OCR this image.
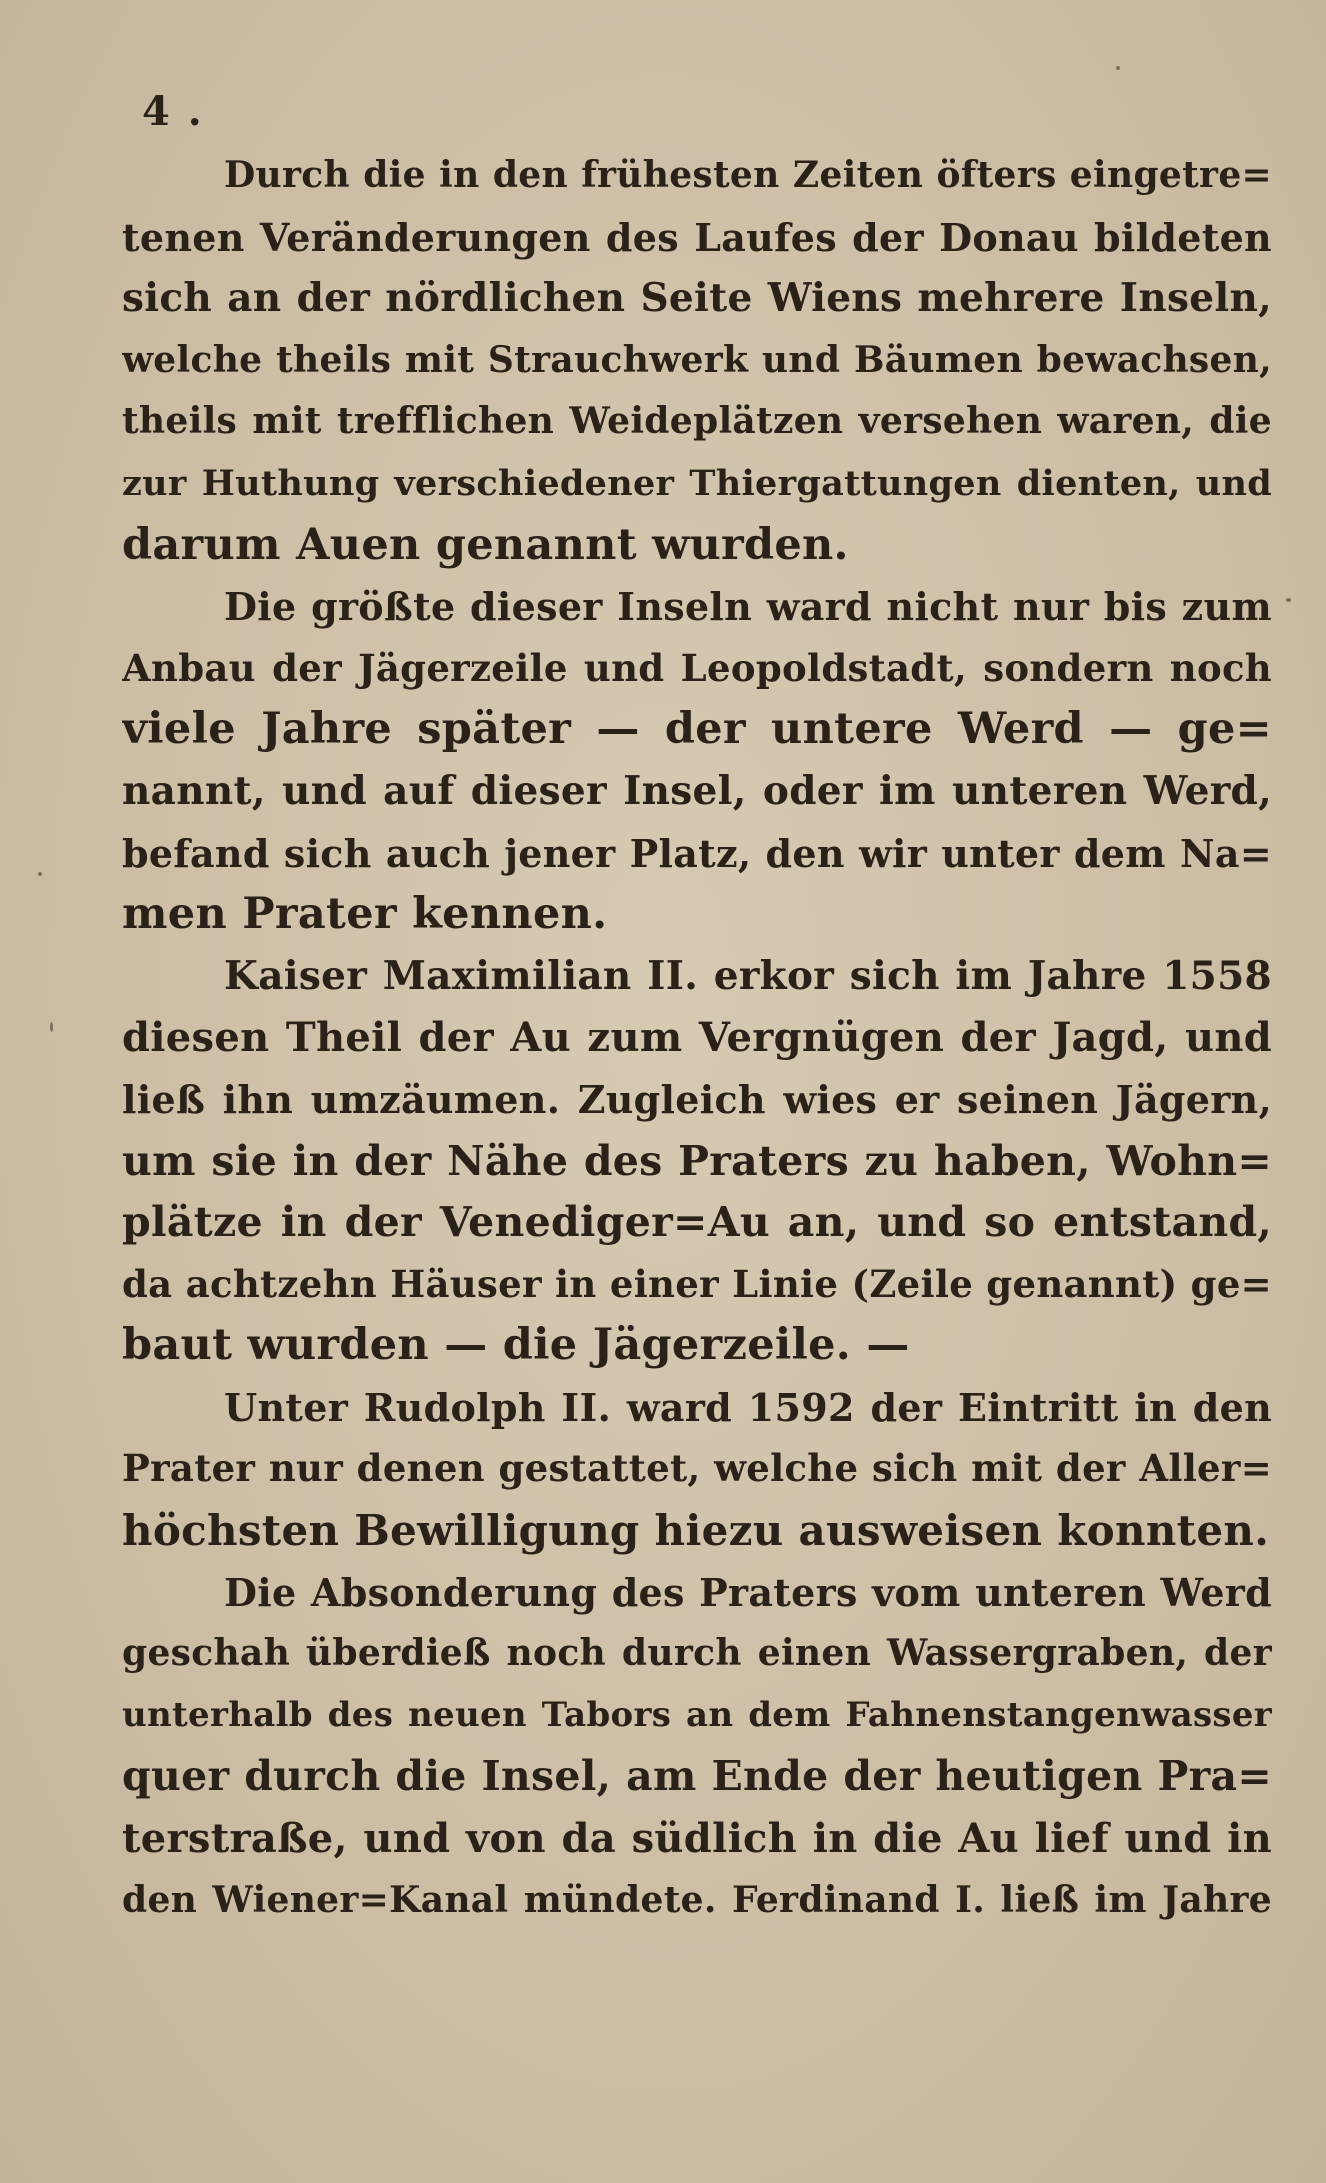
4 .
Durch die in den frühesten Zeiten öfters eingetre=
tenen Veränderungen des Laufes der Donau bildeten
sich an der nördlichen Seite Wiens mehrere Inseln,
welche theils mit Strauchwerk und Bäumen bewachsen,
theils mit trefflichen Weideplätzen versehen waren, die
zur Huthung verschiedener Thiergattungen dienten, und
darum Auen genannt wurden.
Die größte dieser Inseln ward nicht nur bis zum
Anbau der Jägerzeile und Leopoldstadt, sondern noch
viele Jahre später — der untere Werd — ge=
nannt, und auf dieser Insel, oder im unteren Werd,
befand sich auch jener Platz, den wir unter dem Na=
men Prater kennen.
Kaiser Maximilian II. erkor sich im Jahre 1558
diesen Theil der Au zum Vergnügen der Jagd, und
ließ ihn umzäumen. Zugleich wies er seinen Jägern,
um sie in der Nähe des Praters zu haben, Wohn=
plätze in der Venediger=Au an, und so entstand,
da achtzehn Häuser in einer Linie (Zeile genannt) ge=
baut wurden — die Jägerzeile. —
Unter Rudolph II. ward 1592 der Eintritt in den
Prater nur denen gestattet, welche sich mit der Aller=
höchsten Bewilligung hiezu ausweisen konnten.
Die Absonderung des Praters vom unteren Werd
geschah überdieß noch durch einen Wassergraben, der
unterhalb des neuen Tabors an dem Fahnenstangenwasser
quer durch die Insel, am Ende der heutigen Pra=
terstraße, und von da südlich in die Au lief und in
den Wiener=Kanal mündete. Ferdinand I. ließ im Jahre
